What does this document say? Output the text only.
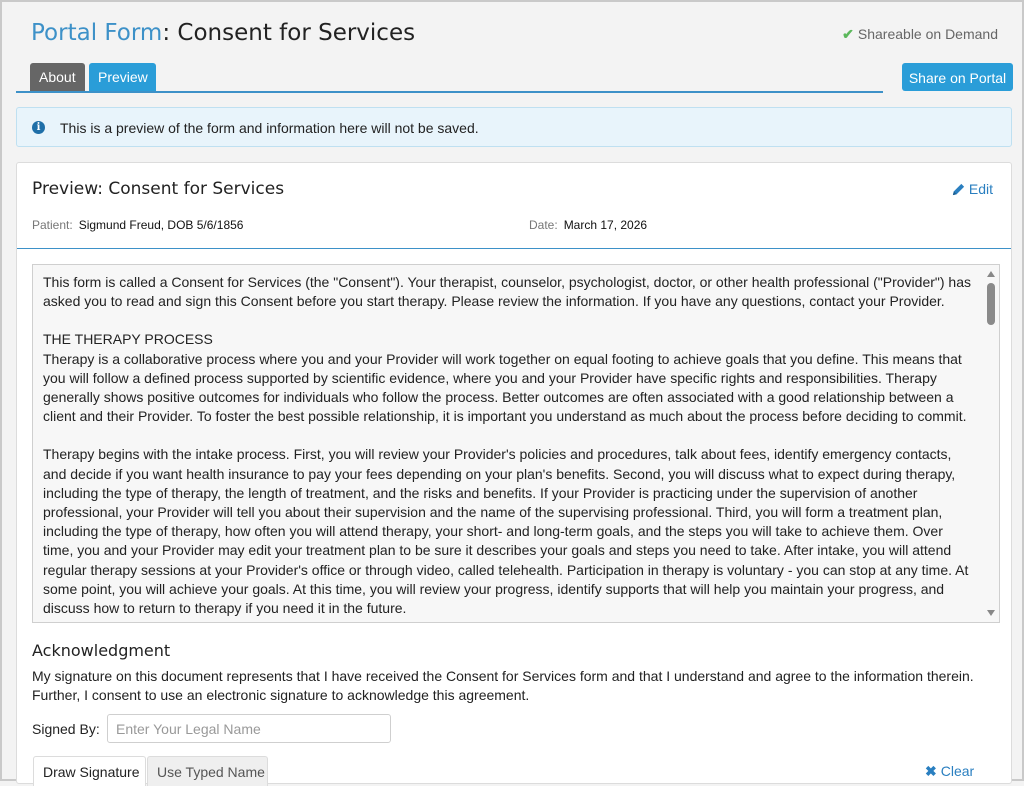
Portal Form: Consent for Services	✔ Shareable on Demand
About	Preview	Share on Portal
i	This is a preview of the form and information here will not be saved.
Preview: Consent for Services	Edit
Patient: Sigmund Freud, DOB 5/6/1856	Date: March 17, 2026

This form is called a Consent for Services (the "Consent"). Your therapist, counselor, psychologist, doctor, or other health professional ("Provider") has asked you to read and sign this Consent before you start therapy. Please review the information. If you have any questions, contact your Provider.

THE THERAPY PROCESS

Therapy is a collaborative process where you and your Provider will work together on equal footing to achieve goals that you define. This means that you will follow a defined process supported by scientific evidence, where you and your Provider have specific rights and responsibilities. Therapy generally shows positive outcomes for individuals who follow the process. Better outcomes are often associated with a good relationship between a client and their Provider. To foster the best possible relationship, it is important you understand as much about the process before deciding to commit.

Therapy begins with the intake process. First, you will review your Provider's policies and procedures, talk about fees, identify emergency contacts, and decide if you want health insurance to pay your fees depending on your plan's benefits. Second, you will discuss what to expect during therapy, including the type of therapy, the length of treatment, and the risks and benefits. If your Provider is practicing under the supervision of another professional, your Provider will tell you about their supervision and the name of the supervising professional. Third, you will form a treatment plan, including the type of therapy, how often you will attend therapy, your short- and long-term goals, and the steps you will take to achieve them. Over time, you and your Provider may edit your treatment plan to be sure it describes your goals and steps you need to take. After intake, you will attend regular therapy sessions at your Provider's office or through video, called telehealth. Participation in therapy is voluntary - you can stop at any time. At some point, you will achieve your goals. At this time, you will review your progress, identify supports that will help you maintain your progress, and discuss how to return to therapy if you need it in the future.

Acknowledgment
My signature on this document represents that I have received the Consent for Services form and that I understand and agree to the information therein. Further, I consent to use an electronic signature to acknowledge this agreement.
Signed By:
Enter Your Legal Name
Draw Signature	Use Typed Name	✖ Clear
